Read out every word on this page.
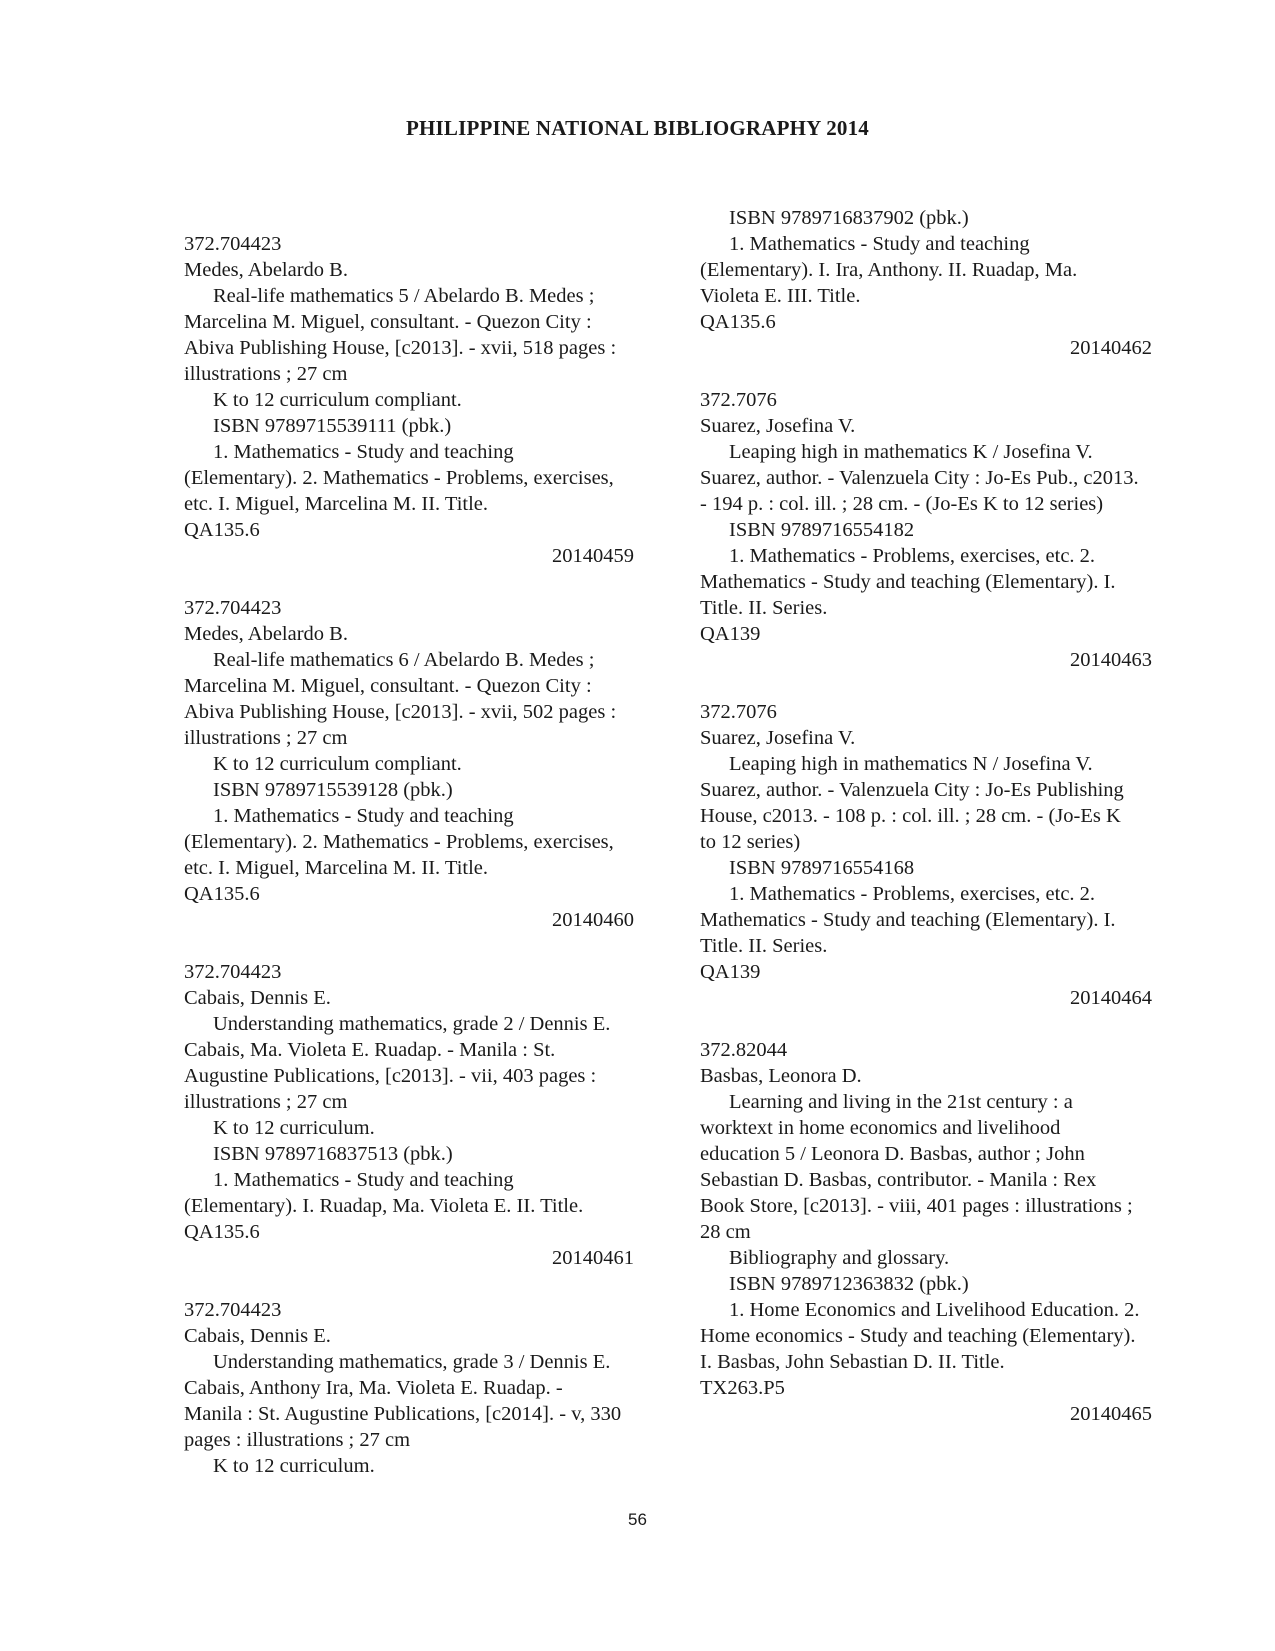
PHILIPPINE NATIONAL BIBLIOGRAPHY 2014
372.704423
Medes, Abelardo B.
Real-life mathematics 5 / Abelardo B. Medes ;
Marcelina M. Miguel, consultant. - Quezon City :
Abiva Publishing House, [c2013]. - xvii, 518 pages :
illustrations ; 27 cm
K to 12 curriculum compliant.
ISBN 9789715539111 (pbk.)
1. Mathematics - Study and teaching
(Elementary). 2. Mathematics - Problems, exercises,
etc. I. Miguel, Marcelina M. II. Title.
QA135.6
20140459
372.704423
Medes, Abelardo B.
Real-life mathematics 6 / Abelardo B. Medes ;
Marcelina M. Miguel, consultant. - Quezon City :
Abiva Publishing House, [c2013]. - xvii, 502 pages :
illustrations ; 27 cm
K to 12 curriculum compliant.
ISBN 9789715539128 (pbk.)
1. Mathematics - Study and teaching
(Elementary). 2. Mathematics - Problems, exercises,
etc. I. Miguel, Marcelina M. II. Title.
QA135.6
20140460
372.704423
Cabais, Dennis E.
Understanding mathematics, grade 2 / Dennis E.
Cabais, Ma. Violeta E. Ruadap. - Manila : St.
Augustine Publications, [c2013]. - vii, 403 pages :
illustrations ; 27 cm
K to 12 curriculum.
ISBN 9789716837513 (pbk.)
1. Mathematics - Study and teaching
(Elementary). I. Ruadap, Ma. Violeta E. II. Title.
QA135.6
20140461
372.704423
Cabais, Dennis E.
Understanding mathematics, grade 3 / Dennis E.
Cabais, Anthony Ira, Ma. Violeta E. Ruadap. -
Manila : St. Augustine Publications, [c2014]. - v, 330
pages : illustrations ; 27 cm
K to 12 curriculum.
ISBN 9789716837902 (pbk.)
1. Mathematics - Study and teaching
(Elementary). I. Ira, Anthony. II. Ruadap, Ma.
Violeta E. III. Title.
QA135.6
20140462
372.7076
Suarez, Josefina V.
Leaping high in mathematics K / Josefina V.
Suarez, author. - Valenzuela City : Jo-Es Pub., c2013.
- 194 p. : col. ill. ; 28 cm. - (Jo-Es K to 12 series)
ISBN 9789716554182
1. Mathematics - Problems, exercises, etc. 2.
Mathematics - Study and teaching (Elementary). I.
Title. II. Series.
QA139
20140463
372.7076
Suarez, Josefina V.
Leaping high in mathematics N / Josefina V.
Suarez, author. - Valenzuela City : Jo-Es Publishing
House, c2013. - 108 p. : col. ill. ; 28 cm. - (Jo-Es K
to 12 series)
ISBN 9789716554168
1. Mathematics - Problems, exercises, etc. 2.
Mathematics - Study and teaching (Elementary). I.
Title. II. Series.
QA139
20140464
372.82044
Basbas, Leonora D.
Learning and living in the 21st century : a
worktext in home economics and livelihood
education 5 / Leonora D. Basbas, author ; John
Sebastian D. Basbas, contributor. - Manila : Rex
Book Store, [c2013]. - viii, 401 pages : illustrations ;
28 cm
Bibliography and glossary.
ISBN 9789712363832 (pbk.)
1. Home Economics and Livelihood Education. 2.
Home economics - Study and teaching (Elementary).
I. Basbas, John Sebastian D. II. Title.
TX263.P5
20140465
56
